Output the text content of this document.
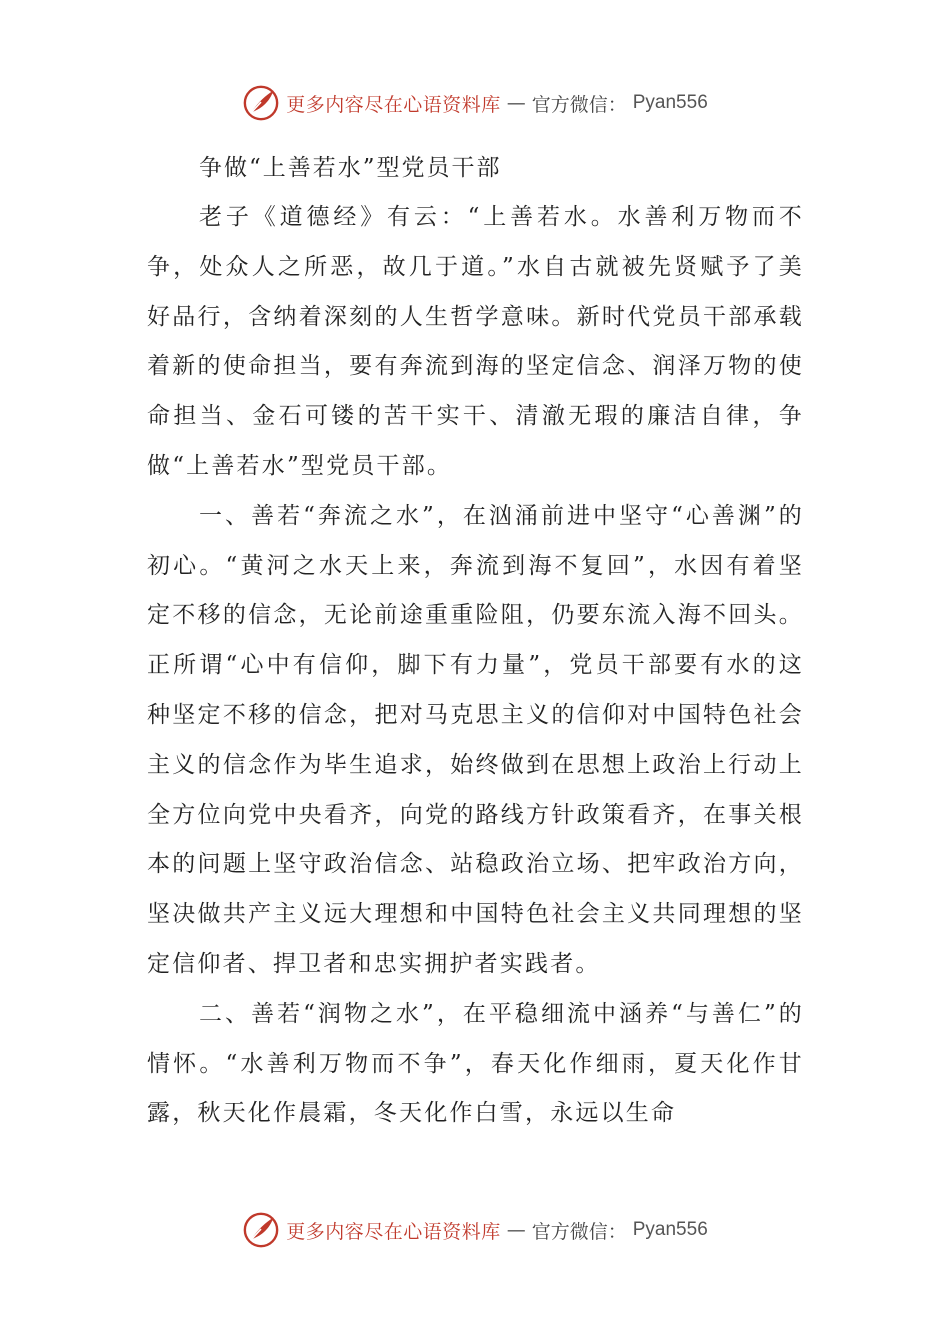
更多内容尽在心语资料库 — 官方微信： Pyan556
争做“上善若水”型党员干部

老子《道德经》有云：“上善若水。水善利万物而不争，处众人之所恶，故几于道。”水自古就被先贤赋予了美好品行，含纳着深刻的人生哲学意味。新时代党员干部承载着新的使命担当，要有奔流到海的坚定信念、润泽万物的使命担当、金石可镂的苦干实干、清澈无瑕的廉洁自律，争做“上善若水”型党员干部。

一、善若“奔流之水”，在汹涌前进中坚守“心善渊”的初心。“黄河之水天上来，奔流到海不复回”，水因有着坚定不移的信念，无论前途重重险阻，仍要东流入海不回头。正所谓“心中有信仰，脚下有力量”，党员干部要有水的这种坚定不移的信念，把对马克思主义的信仰对中国特色社会主义的信念作为毕生追求，始终做到在思想上政治上行动上全方位向党中央看齐，向党的路线方针政策看齐，在事关根本的问题上坚守政治信念、站稳政治立场、把牢政治方向，坚决做共产主义远大理想和中国特色社会主义共同理想的坚定信仰者、捍卫者和忠实拥护者实践者。

二、善若“润物之水”，在平稳细流中涵养“与善仁”的情怀。“水善利万物而不争”，春天化作细雨，夏天化作甘露，秋天化作晨霜，冬天化作白雪，永远以生命

更多内容尽在心语资料库 — 官方微信： Pyan556
